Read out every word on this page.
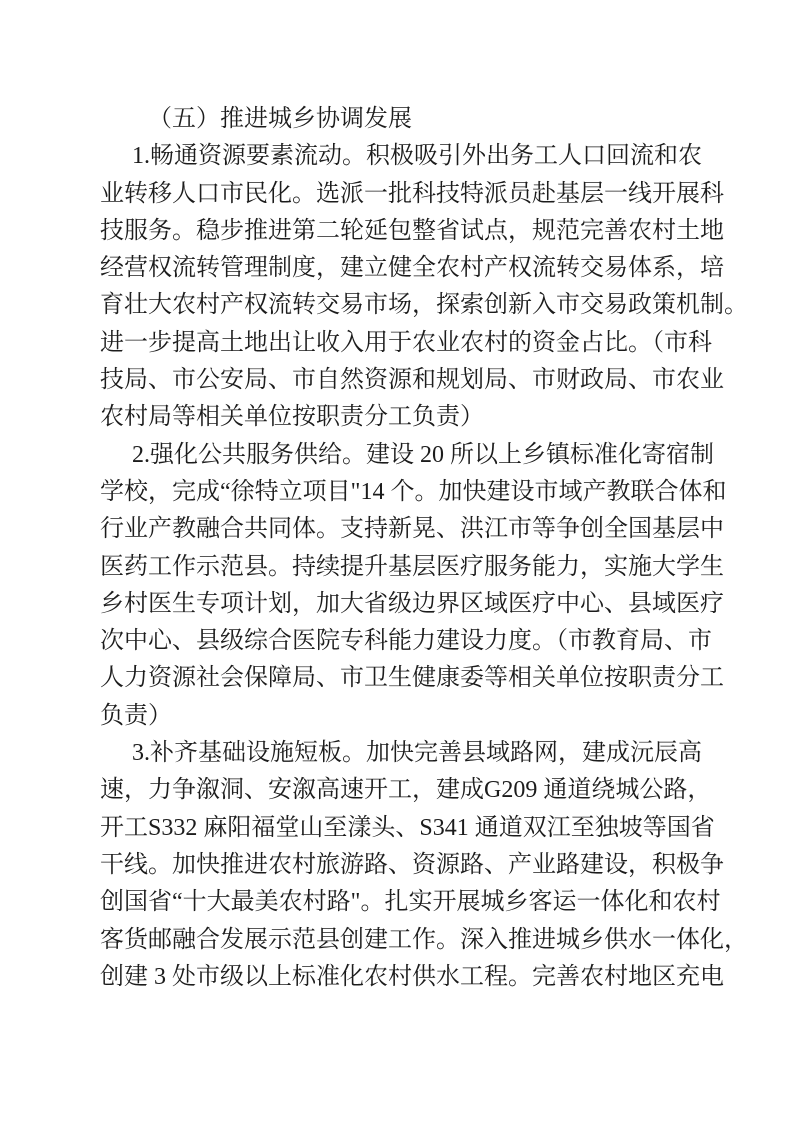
（五）推进城乡协调发展
1.畅通资源要素流动。积极吸引外出务工人口回流和农
业转移人口市民化。选派一批科技特派员赴基层一线开展科
技服务。稳步推进第二轮延包整省试点，规范完善农村土地
经营权流转管理制度，建立健全农村产权流转交易体系，培
育壮大农村产权流转交易市场，探索创新入市交易政策机制。
进一步提高土地出让收入用于农业农村的资金占比。（市科
技局、市公安局、市自然资源和规划局、市财政局、市农业
农村局等相关单位按职责分工负责）
2.强化公共服务供给。建设 20 所以上乡镇标准化寄宿制
学校，完成“徐特立项目"14 个。加快建设市域产教联合体和
行业产教融合共同体。支持新晃、洪江市等争创全国基层中
医药工作示范县。持续提升基层医疗服务能力，实施大学生
乡村医生专项计划，加大省级边界区域医疗中心、县域医疗
次中心、县级综合医院专科能力建设力度。（市教育局、市
人力资源社会保障局、市卫生健康委等相关单位按职责分工
负责）
3.补齐基础设施短板。加快完善县域路网，建成沅辰高
速，力争溆洞、安溆高速开工，建成G209 通道绕城公路，
开工S332 麻阳福堂山至漾头、S341 通道双江至独坡等国省
干线。加快推进农村旅游路、资源路、产业路建设，积极争
创国省“十大最美农村路"。扎实开展城乡客运一体化和农村
客货邮融合发展示范县创建工作。深入推进城乡供水一体化，
创建 3 处市级以上标准化农村供水工程。完善农村地区充电
